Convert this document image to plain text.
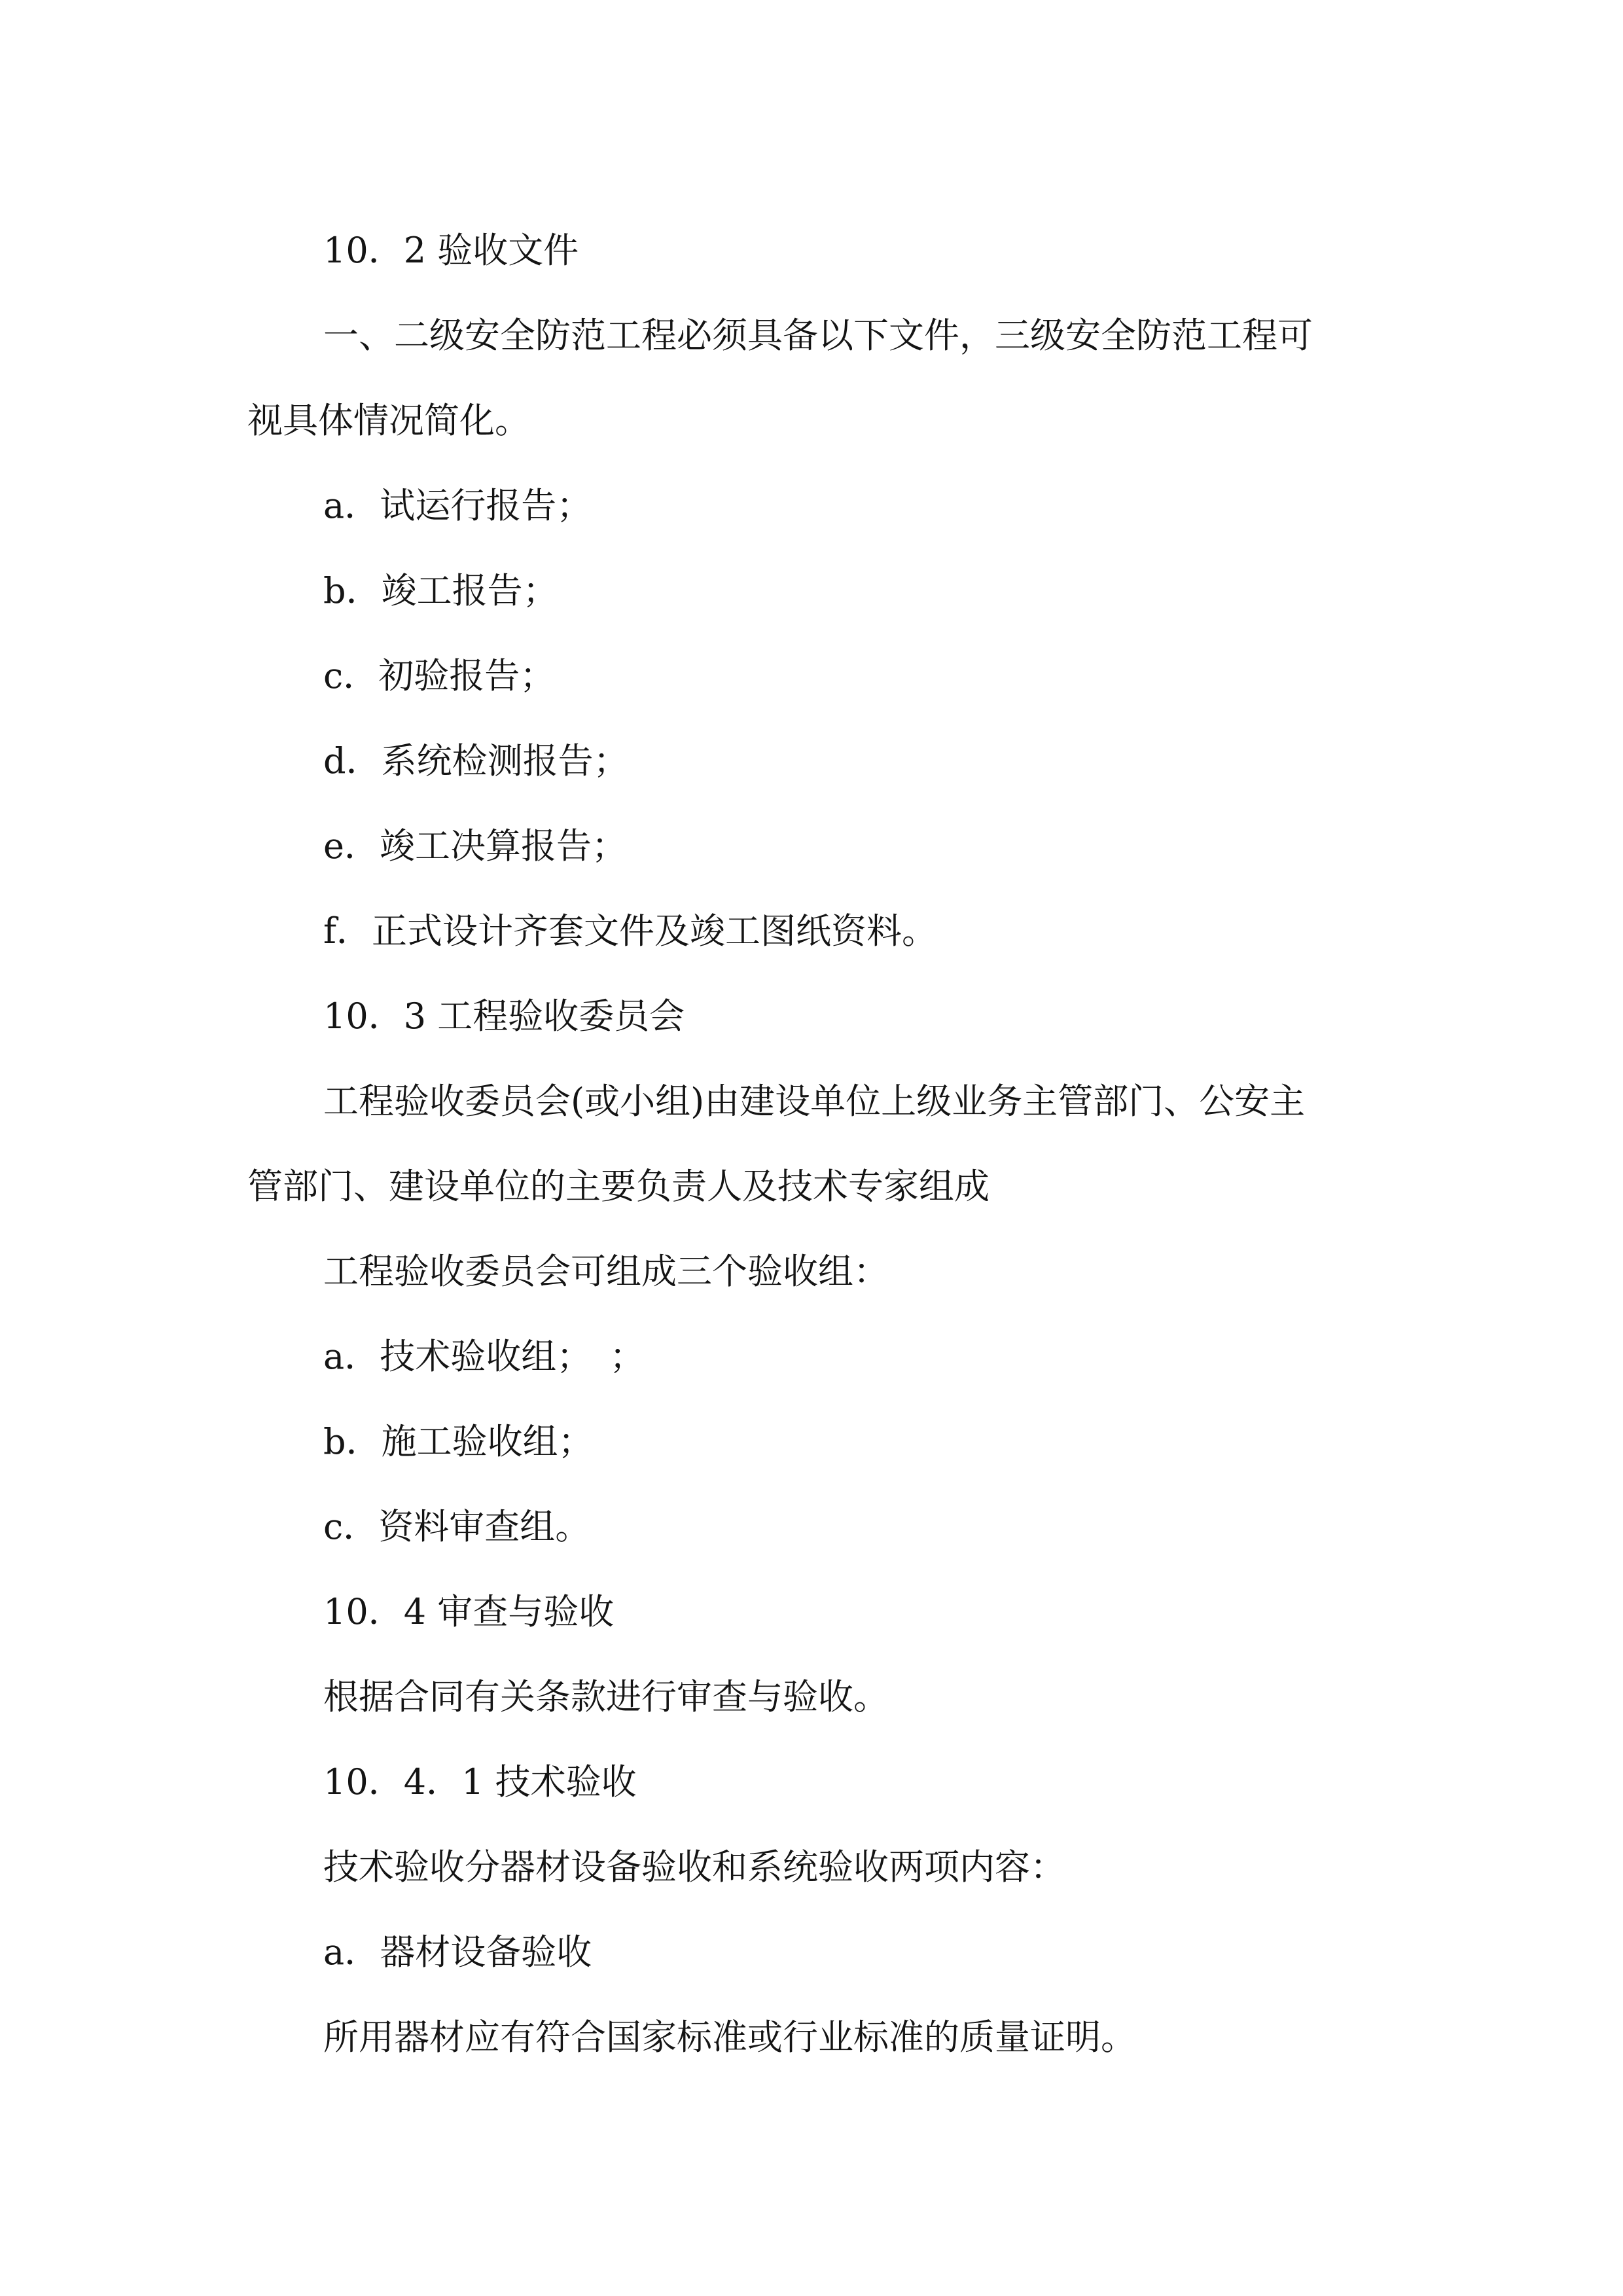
10．2 验收文件
一、二级安全防范工程必须具备以下文件，三级安全防范工程可
视具体情况简化。
a．试运行报告；
b．竣工报告；
c．初验报告；
d．系统检测报告；
e．竣工决算报告；
f．正式设计齐套文件及竣工图纸资料。
10．3 工程验收委员会
工程验收委员会(或小组)由建设单位上级业务主管部门、公安主
管部门、建设单位的主要负责人及技术专家组成
工程验收委员会可组成三个验收组：
a．技术验收组；　；
b．施工验收组；
c．资料审查组。
10．4 审查与验收
根据合同有关条款进行审查与验收。
10．4．1 技术验收
技术验收分器材设备验收和系统验收两项内容：
a．器材设备验收
所用器材应有符合国家标准或行业标准的质量证明。
